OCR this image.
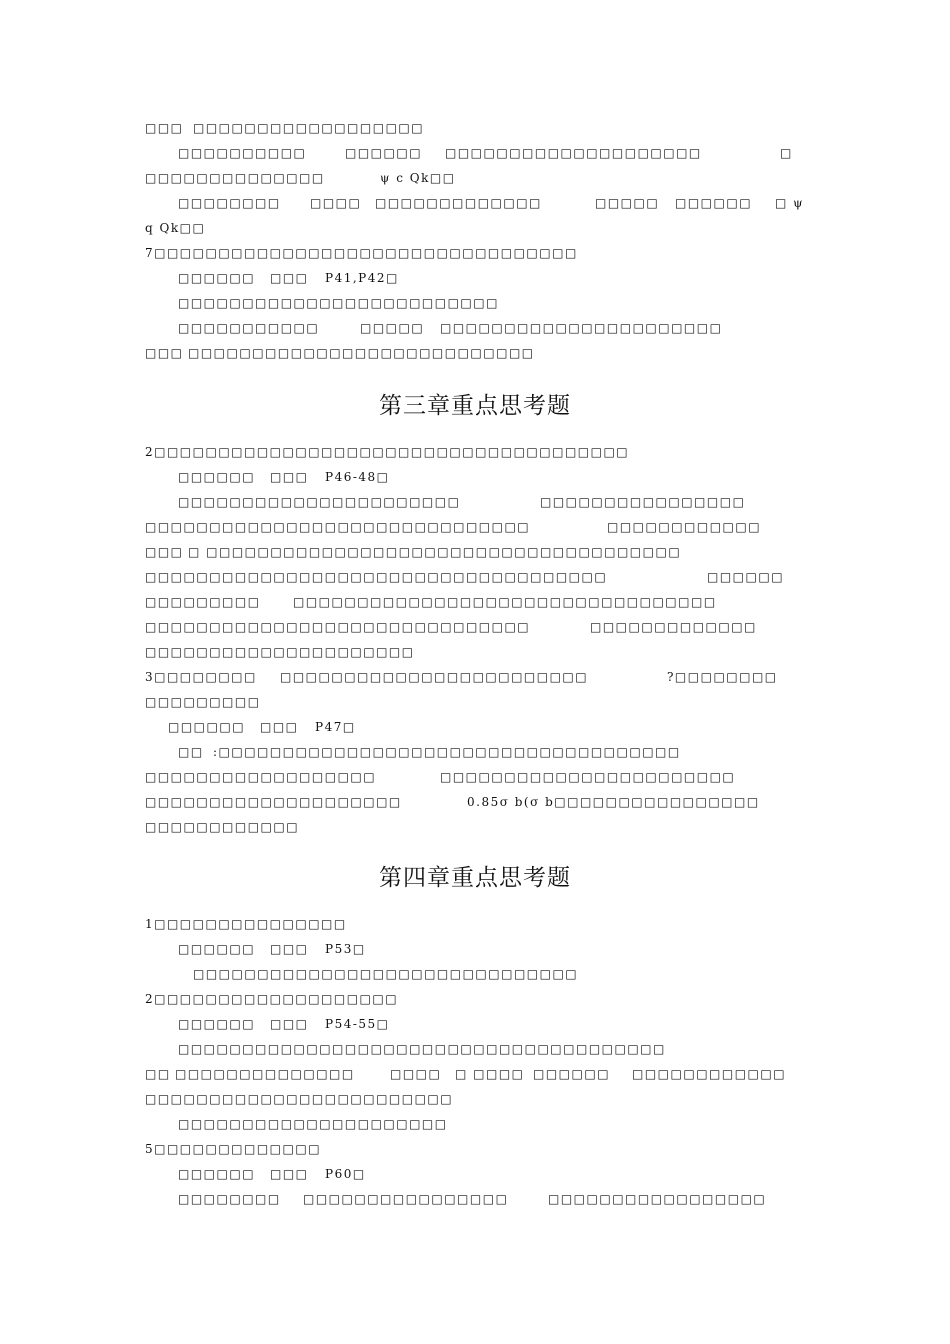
□□□ □□□□□□□□□□□□□□□□□□
□□□□□□□□□□	□□□□□□ □□□□□□□□□□□□□□□□□□□□	□
□□□□□□□□□□□□□□	ψ c Qk□□
□□□□□□□□ □□□□ □□□□□□□□□□□□□	□□□□□ □□□□□□ □ ψ
q Qk□□
7□□□□□□□□□□□□□□□□□□□□□□□□□□□□□□□□□
□□□□□□ □□□ P41,P42□
□□□□□□□□□□□□□□□□□□□□□□□□□
□□□□□□□□□□□	□□□□□ □□□□□□□□□□□□□□□□□□□□□□
□□□ □□□□□□□□□□□□□□□□□□□□□□□□□□□
2□□□□□□□□□□□□□□□□□□□□□□□□□□□□□□□□□□□□□
□□□□□□ □□□ P46-48□
□□□□□□□□□□□□□□□□□□□□□□	□□□□□□□□□□□□□□□□
□□□□□□□□□□□□□□□□□□□□□□□□□□□□□□	□□□□□□□□□□□□
□□□ □ □□□□□□□□□□□□□□□□□□□□□□□□□□□□□□□□□□□□□
□□□□□□□□□□□□□□□□□□□□□□□□□□□□□□□□□□□□	□□□□□□
□□□□□□□□□	□□□□□□□□□□□□□□□□□□□□□□□□□□□□□□□□□
□□□□□□□□□□□□□□□□□□□□□□□□□□□□□□	□□□□□□□□□□□□□
□□□□□□□□□□□□□□□□□□□□□
3□□□□□□□□ □□□□□□□□□□□□□□□□□□□□□□□□	?□□□□□□□□
□□□□□□□□□
□□□□□□ □□□ P47□
□□ :□□□□□□□□□□□□□□□□□□□□□□□□□□□□□□□□□□□□
□□□□□□□□□□□□□□□□□□	□□□□□□□□□□□□□□□□□□□□□□□
□□□□□□□□□□□□□□□□□□□□	0.85σ b(σ b□□□□□□□□□□□□□□□□
□□□□□□□□□□□□
1□□□□□□□□□□□□□□□
□□□□□□ □□□ P53□
□□□□□□□□□□□□□□□□□□□□□□□□□□□□□□
2□□□□□□□□□□□□□□□□□□□
□□□□□□ □□□ P54-55□
□□□□□□□□□□□□□□□□□□□□□□□□□□□□□□□□□□□□□□
□□ □□□□□□□□□□□□□□	□□□□ □ □□□□ □□□□□□ □□□□□□□□□□□□
□□□□□□□□□□□□□□□□□□□□□□□□
□□□□□□□□□□□□□□□□□□□□□
5□□□□□□□□□□□□□
□□□□□□ □□□ P60□
□□□□□□□□ □□□□□□□□□□□□□□□□	□□□□□□□□□□□□□□□□□
第三章重点思考题
第四章重点思考题
